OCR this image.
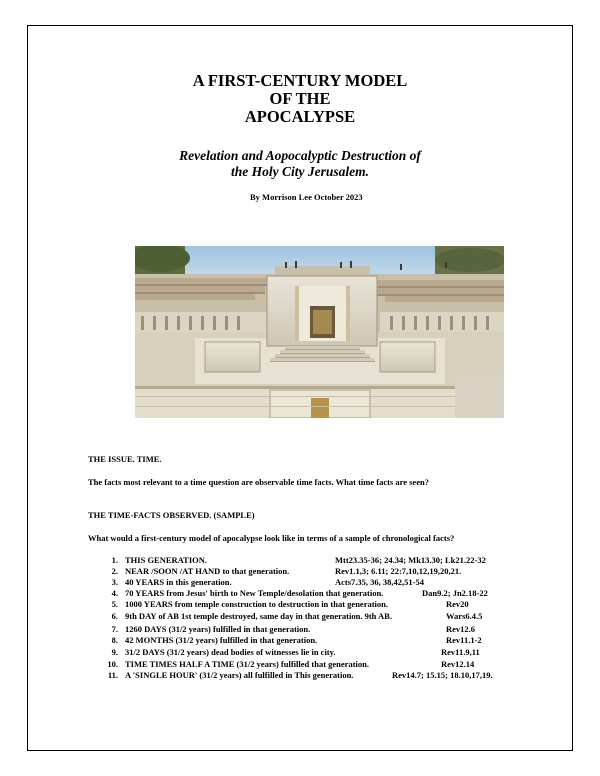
A FIRST-CENTURY MODEL
OF THE
APOCALYPSE
Revelation and Aopocalyptic Destruction of
the Holy City Jerusalem.
By Morrison Lee October 2023
THE ISSUE. TIME.
The facts most relevant to a time question are observable time facts. What time facts are seen?
THE TIME-FACTS OBSERVED. (SAMPLE)
What would a first-century model of apocalypse look like in terms of a sample of chronological facts?
1. THIS GENERATION.	Mtt23.35-36; 24.34; Mk13.30; Lk21.22-32
2. NEAR /SOON /AT HAND to that generation.	Rev1.1,3; 6.11; 22:7,10,12,19,20,21.
3. 40 YEARS in this generation.	Acts7.35, 36, 38,42,51-54
4. 70 YEARS from Jesus' birth to New Temple/desolation that generation.	Dan9.2; Jn2.18-22
5. 1000 YEARS from temple construction to destruction in that generation.	Rev20
6. 9th DAY of AB 1st temple destroyed, same day in that generation. 9th AB.	Wars6.4.5
7. 1260 DAYS (31/2 years) fulfilled in that generation.	Rev12.6
8. 42 MONTHS (31/2 years) fulfilled in that generation.	Rev11.1-2
9. 31/2 DAYS (31/2 years) dead bodies of witnesses lie in city.	Rev11.9,11
10. TIME TIMES HALF A TIME (31/2 years) fulfilled that generation.	Rev12.14
11. A 'SINGLE HOUR' (31/2 years) all fulfilled in This generation.	Rev14.7; 15.15; 18.10,17,19.
